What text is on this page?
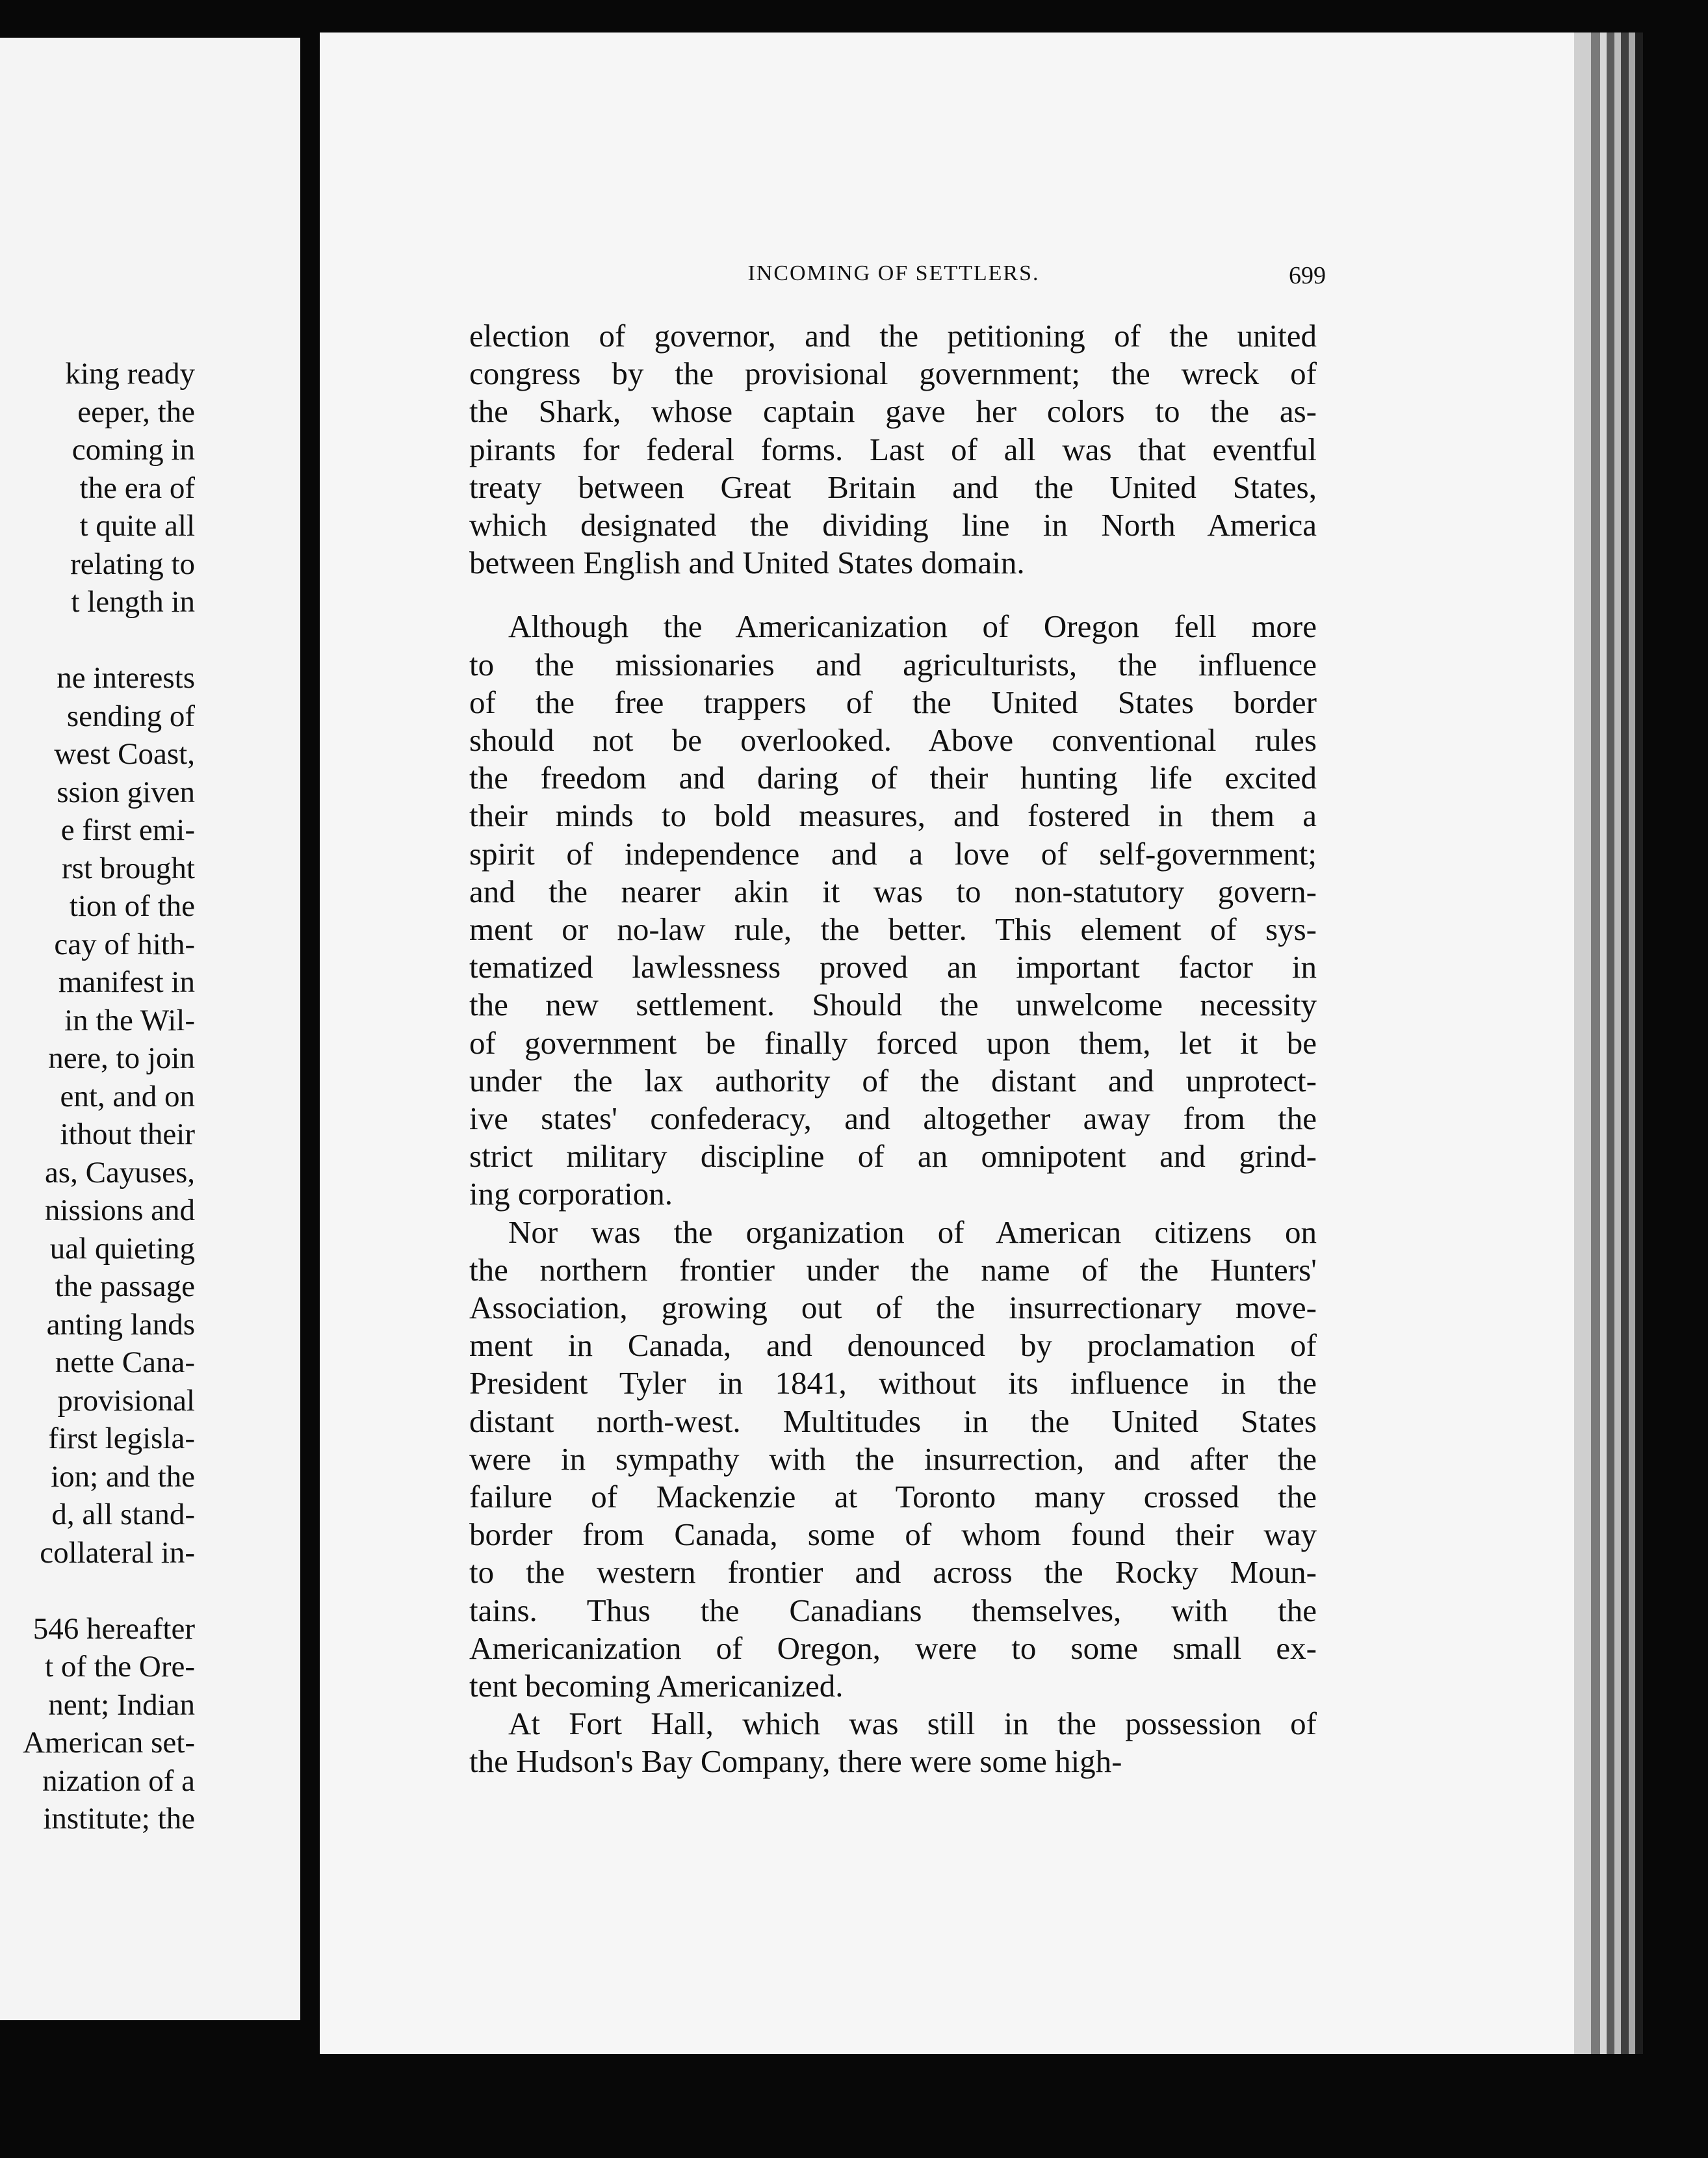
king ready
eeper, the
coming in
the era of
t quite all
relating to
t length in
ne interests
sending of
west Coast,
ssion given
e first emi-
rst brought
tion of the
cay of hith-
manifest in
in the Wil-
nere, to join
ent, and on
ithout their
as, Cayuses,
nissions and
ual quieting
the passage
anting lands
nette Cana-
provisional
first legisla-
ion; and the
d, all stand-
collateral in-
546 hereafter
t of the Ore-
nent; Indian
American set-
nization of a
institute; the
INCOMING OF SETTLERS.	699
election of governor, and the petitioning of the united
congress by the provisional government; the wreck of
the Shark, whose captain gave her colors to the as-
pirants for federal forms. Last of all was that eventful
treaty between Great Britain and the United States,
which designated the dividing line in North America
between English and United States domain.
Although the Americanization of Oregon fell more
to the missionaries and agriculturists, the influence
of the free trappers of the United States border
should not be overlooked. Above conventional rules
the freedom and daring of their hunting life excited
their minds to bold measures, and fostered in them a
spirit of independence and a love of self-government;
and the nearer akin it was to non-statutory govern-
ment or no-law rule, the better. This element of sys-
tematized lawlessness proved an important factor in
the new settlement. Should the unwelcome necessity
of government be finally forced upon them, let it be
under the lax authority of the distant and unprotect-
ive states' confederacy, and altogether away from the
strict military discipline of an omnipotent and grind-
ing corporation.
Nor was the organization of American citizens on
the northern frontier under the name of the Hunters'
Association, growing out of the insurrectionary move-
ment in Canada, and denounced by proclamation of
President Tyler in 1841, without its influence in the
distant north-west. Multitudes in the United States
were in sympathy with the insurrection, and after the
failure of Mackenzie at Toronto many crossed the
border from Canada, some of whom found their way
to the western frontier and across the Rocky Moun-
tains. Thus the Canadians themselves, with the
Americanization of Oregon, were to some small ex-
tent becoming Americanized.
At Fort Hall, which was still in the possession of
the Hudson's Bay Company, there were some high-
